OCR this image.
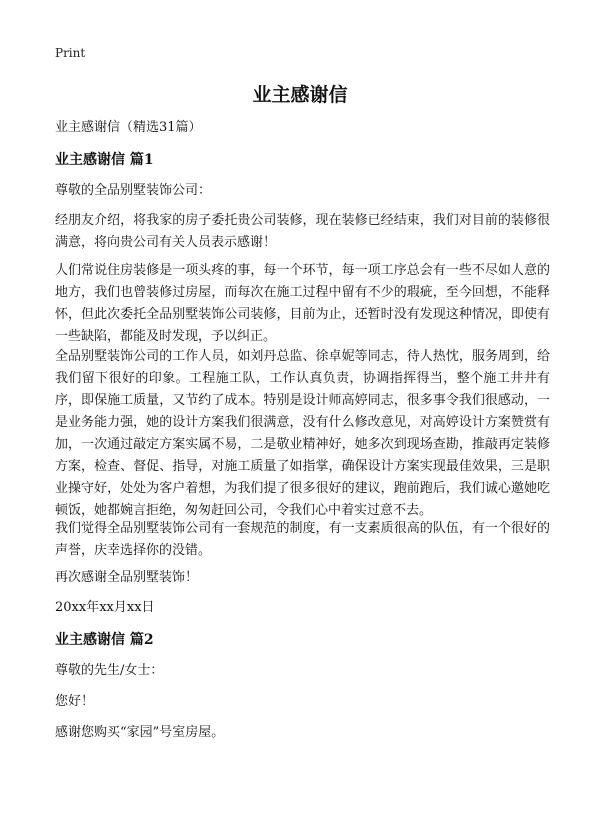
Print
业主感谢信

业主感谢信（精选31篇）

业主感谢信 篇1

尊敬的全品别墅装饰公司：

经朋友介绍，将我家的房子委托贵公司装修，现在装修已经结束，我们对目前的装修很满意，将向贵公司有关人员表示感谢！

人们常说住房装修是一项头疼的事，每一个环节，每一项工序总会有一些不尽如人意的地方，我们也曾装修过房屋，而每次在施工过程中留有不少的瑕疵，至今回想，不能释怀，但此次委托全品别墅装饰公司装修，目前为止，还暂时没有发现这种情况，即使有一些缺陷，都能及时发现，予以纠正。

全品别墅装饰公司的工作人员，如刘丹总监、徐卓妮等同志，待人热忱，服务周到，给我们留下很好的印象。工程施工队，工作认真负责，协调指挥得当，整个施工井井有序，即保施工质量，又节约了成本。特别是设计师高婷同志，很多事令我们很感动，一是业务能力强，她的设计方案我们很满意，没有什么修改意见，对高婷设计方案赞赏有加，一次通过敲定方案实属不易，二是敬业精神好，她多次到现场查勘，推敲再定装修方案，检查、督促、指导，对施工质量了如指掌，确保设计方案实现最佳效果，三是职业操守好，处处为客户着想，为我们提了很多很好的建议，跑前跑后，我们诚心邀她吃顿饭，她都婉言拒绝，匆匆赶回公司，令我们心中着实过意不去。

我们觉得全品别墅装饰公司有一套规范的制度，有一支素质很高的队伍，有一个很好的声誉，庆幸选择你的没错。

再次感谢全品别墅装饰！

20xx年xx月xx日

业主感谢信 篇2

尊敬的先生/女士：

您好！

感谢您购买“家园”号室房屋。
